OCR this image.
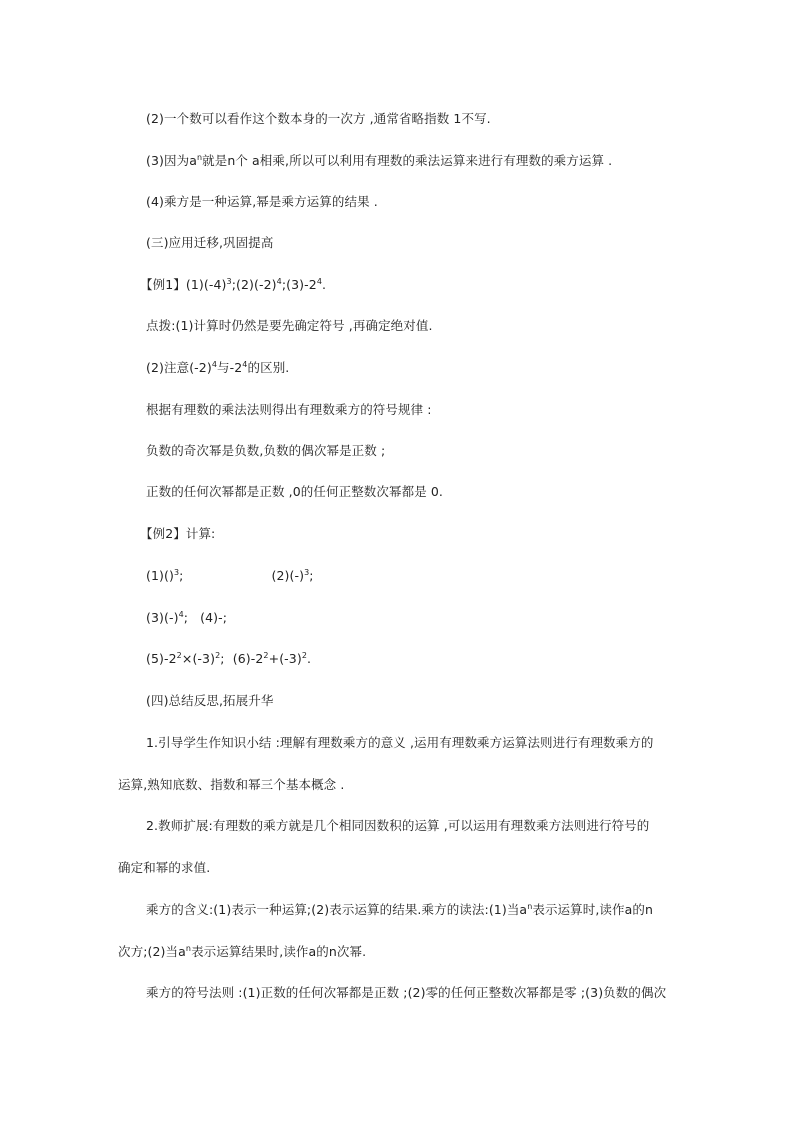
(2)一个数可以看作这个数本身的一次方 ,通常省略指数 1不写.
(3)因为$a^n$就是n个 a相乘,所以可以利用有理数的乘法运算来进行有理数的乘方运算 .
(4)乘方是一种运算,幂是乘方运算的结果 .
(三)应用迁移,巩固提高
【例1】$(1)(-4)^3;(2)(-2)^4;(3)-2^4$.
点拨:(1)计算时仍然是要先确定符号 ,再确定绝对值.
(2)注意$(-2)^4$与$-2^4$的区别.
根据有理数的乘法法则得出有理数乘方的符号规律 :
负数的奇次幂是负数,负数的偶次幂是正数 ;
正数的任何次幂都是正数 ,0的任何正整数次幂都是 0.
【例2】计算:
(1)()$^3$;	$(2)(-)^3$;
$(3)(-)^4$; (4)-;
$(5)-2^2\times(-3)^2$; $(6)-2^2+(-3)^2$.
(四)总结反思,拓展升华
1.引导学生作知识小结 :理解有理数乘方的意义 ,运用有理数乘方运算法则进行有理数乘方的
运算,熟知底数、指数和幂三个基本概念 .
2.教师扩展:有理数的乘方就是几个相同因数积的运算 ,可以运用有理数乘方法则进行符号的
确定和幂的求值.
乘方的含义:(1)表示一种运算;(2)表示运算的结果.乘方的读法:(1)当$a^n$表示运算时,读作a的n
次方;(2)当$a^n$表示运算结果时,读作a的n次幂.
乘方的符号法则 :(1)正数的任何次幂都是正数 ;(2)零的任何正整数次幂都是零 ;(3)负数的偶次
